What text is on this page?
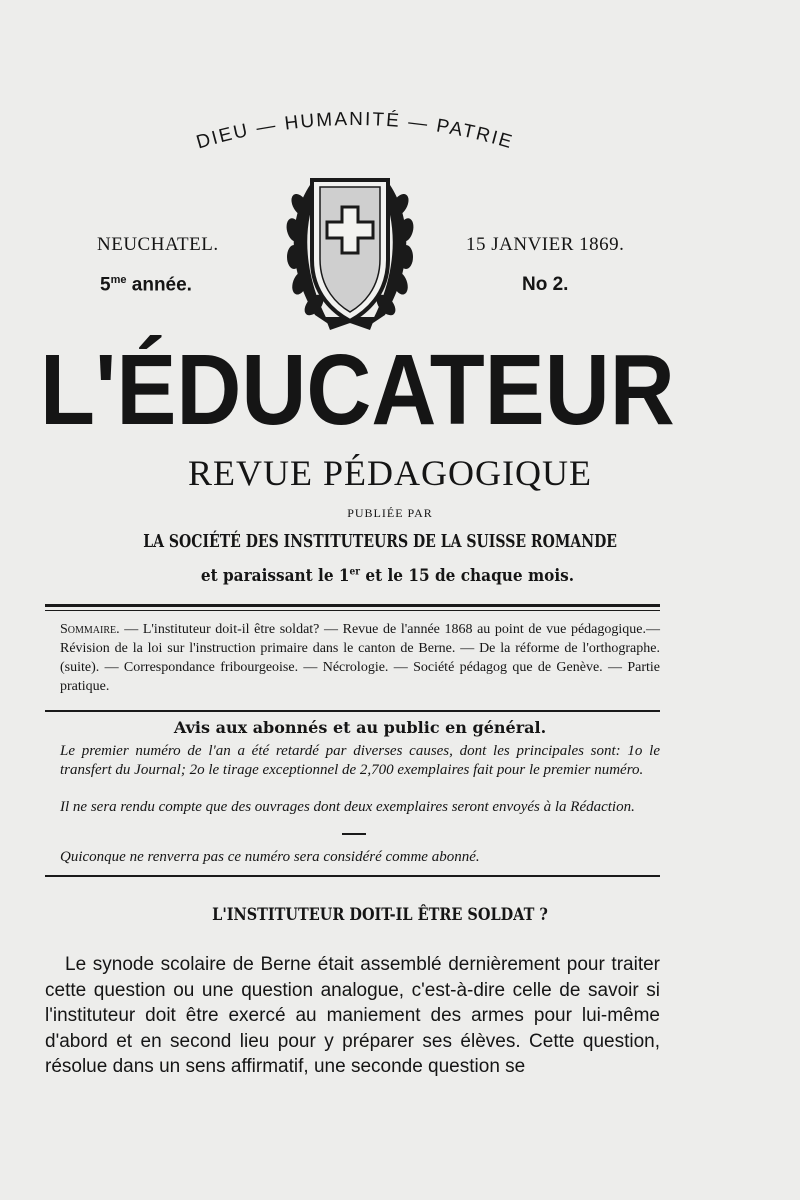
DIEU — HUMANITÉ — PATRIE
NEUCHATEL.	15 JANVIER 1869.
$5^{me}$ année.	No 2.
L'ÉDUCATEUR
REVUE PÉDAGOGIQUE
PUBLIÉE PAR
LA SOCIÉTÉ DES INSTITUTEURS DE LA SUISSE ROMANDE
et paraissant le 1er et le 15 de chaque mois.
Sommaire. — L'instituteur doit-il être soldat? — Revue de l'année 1868 au point de vue pédagogique.—Révision de la loi sur l'instruction primaire dans le canton de Berne. — De la réforme de l'orthographe. (suite). — Correspondance fribourgeoise. — Nécrologie. — Société pédagog que de Genève. — Partie pratique.
Avis aux abonnés et au public en général.
Le premier numéro de l'an a été retardé par diverses causes, dont les principales sont: 1o le transfert du Journal; 2o le tirage exceptionnel de 2,700 exemplaires fait pour le premier numéro.
Il ne sera rendu compte que des ouvrages dont deux exemplaires seront envoyés à la Rédaction.
Quiconque ne renverra pas ce numéro sera considéré comme abonné.
L'INSTITUTEUR DOIT-IL ÊTRE SOLDAT ?

Le synode scolaire de Berne était assemblé dernièrement pour traiter cette question ou une question analogue, c'est-à-dire celle de savoir si l'instituteur doit être exercé au maniement des armes pour lui-même d'abord et en second lieu pour y préparer ses élèves. Cette question, résolue dans un sens affirmatif, une seconde question se
